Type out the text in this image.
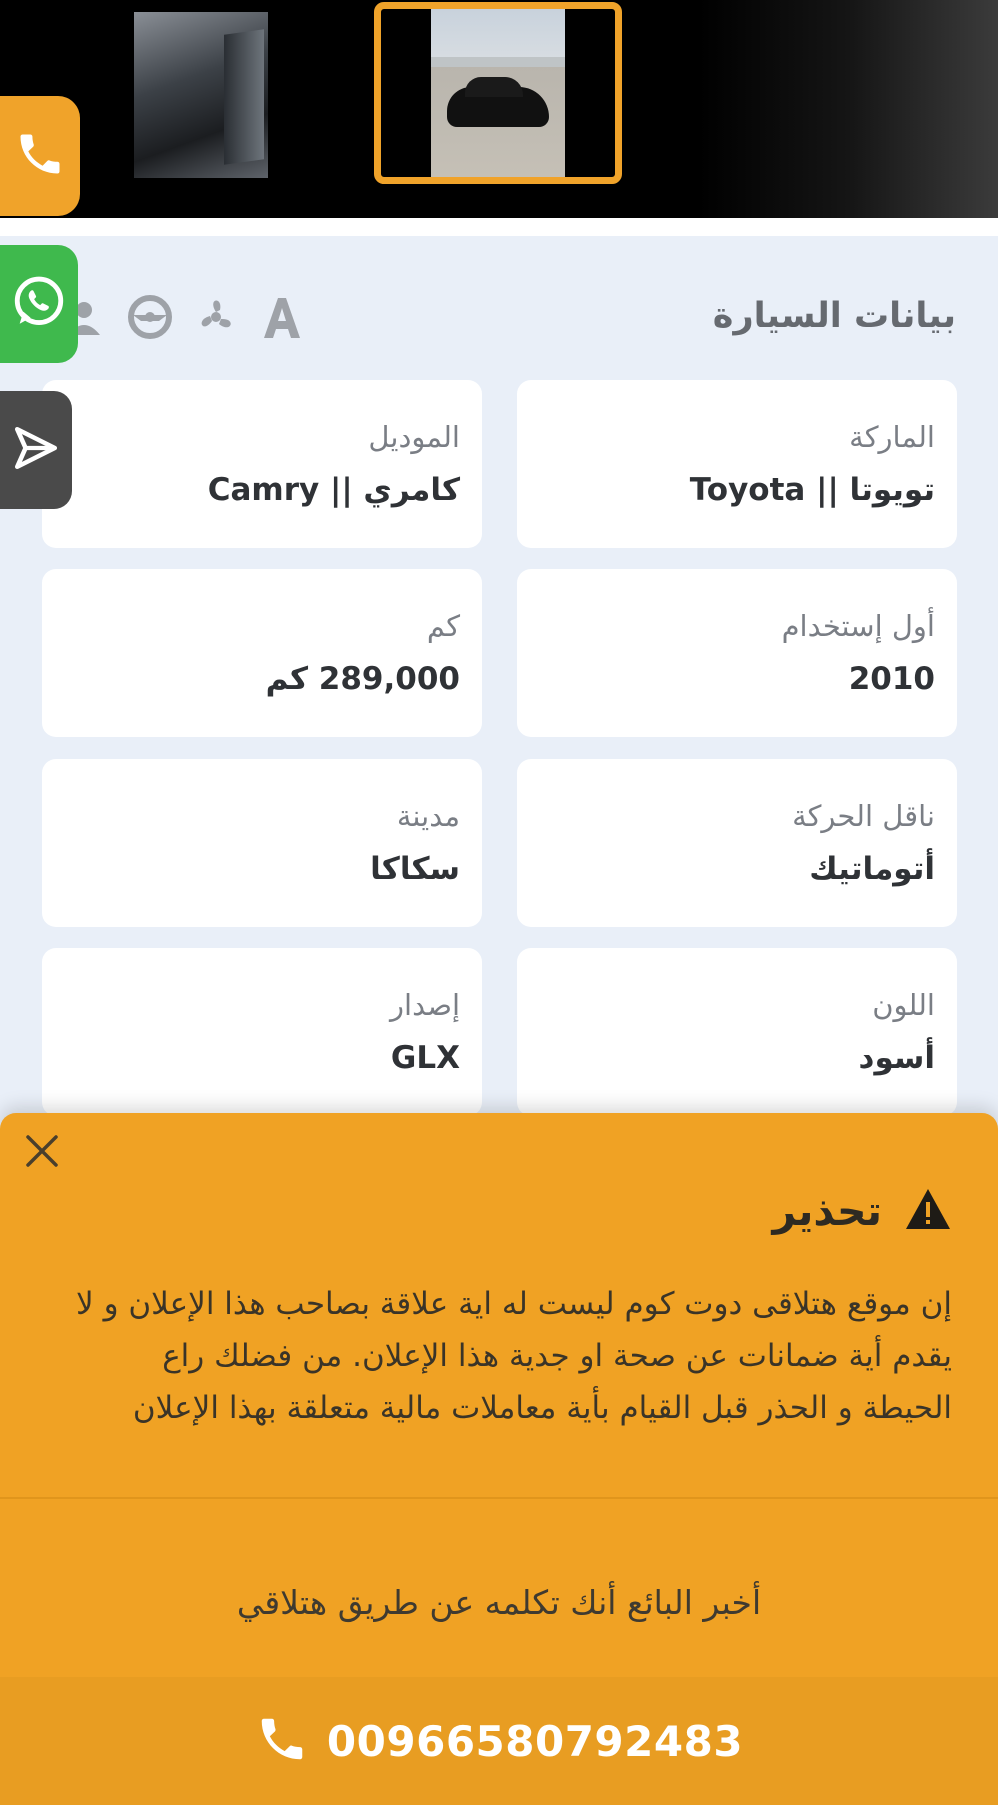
بيانات السيارة
الماركة
تويوتا || Toyota
الموديل
كامري || Camry
أول إستخدام
2010
كم
289,000 كم
ناقل الحركة
أتوماتيك
مدينة
سكاكا
اللون
أسود
إصدار
GLX
تحذير
إن موقع هتلاقى دوت كوم ليست له اية علاقة بصاحب هذا الإعلان و لا يقدم أية ضمانات عن صحة او جدية هذا الإعلان. من فضلك راع الحيطة و الحذر قبل القيام بأية معاملات مالية متعلقة بهذا الإعلان
أخبر البائع أنك تكلمه عن طريق هتلاقي
00966580792483
